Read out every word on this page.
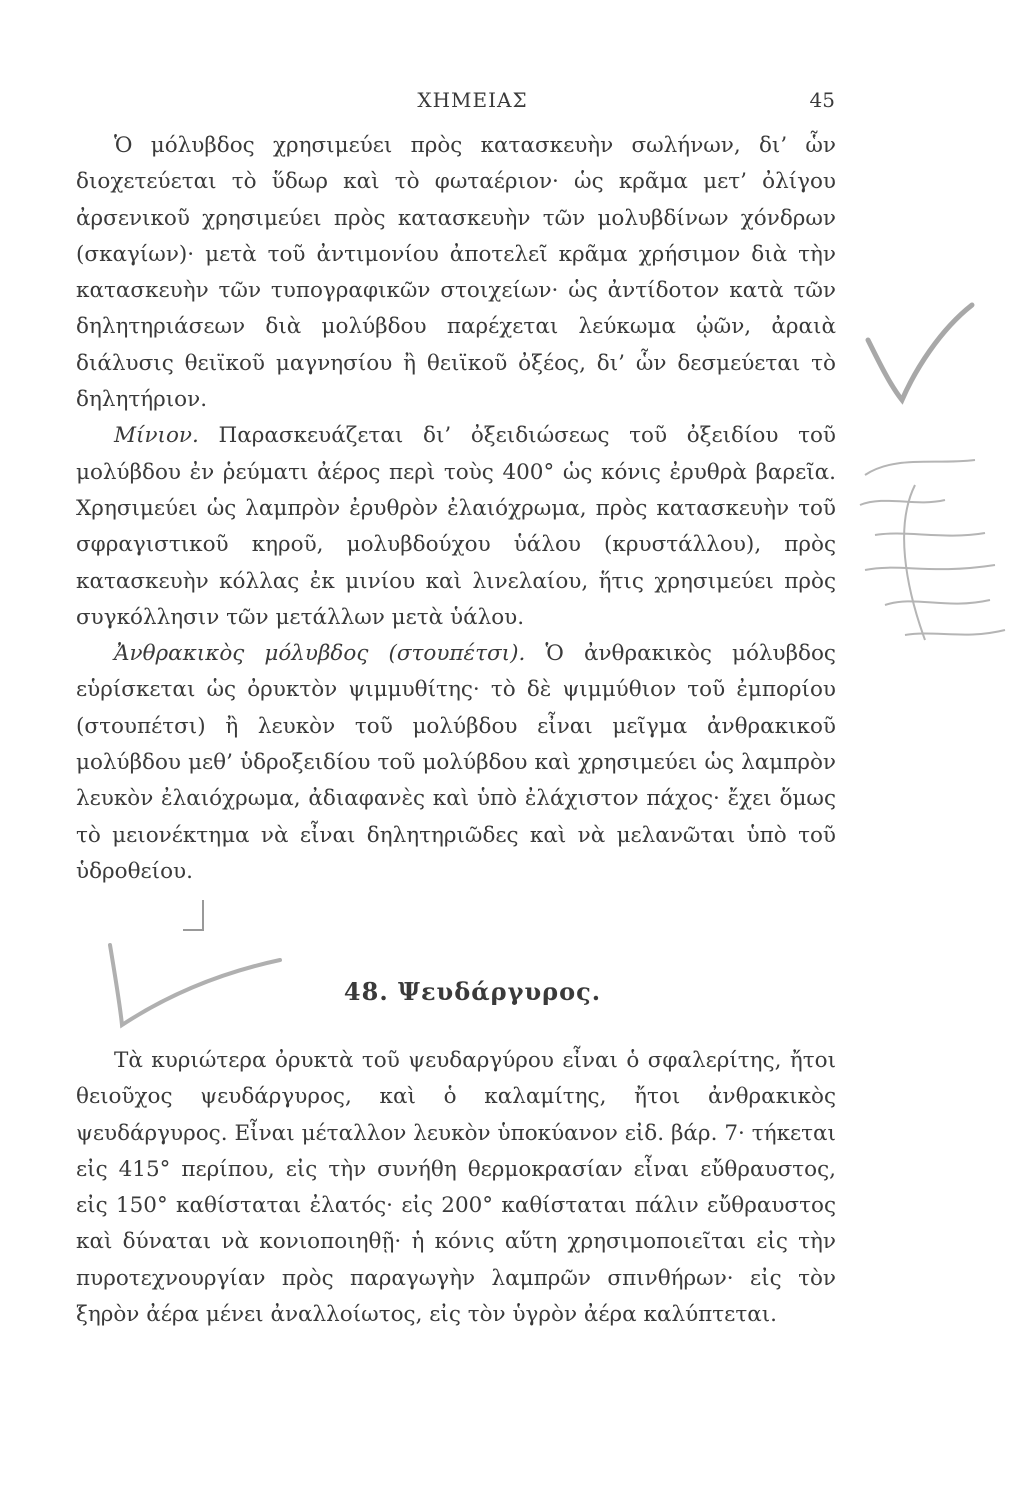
ΧΗΜΕΙΑΣ	45

Ὁ μόλυβδος χρησιμεύει πρὸς κατασκευὴν σωλήνων, δι’ ὧν διοχετεύεται τὸ ὕδωρ καὶ τὸ φωταέριον· ὡς κρᾶμα μετ’ ὀλίγου ἀρσενικοῦ χρησιμεύει πρὸς κατασκευὴν τῶν μολυβδίνων χόνδρων (σκαγίων)· μετὰ τοῦ ἀντιμονίου ἀποτελεῖ κρᾶμα χρήσιμον διὰ τὴν κατασκευὴν τῶν τυπογραφικῶν στοιχείων· ὡς ἀντίδοτον κατὰ τῶν δηλητηριάσεων διὰ μολύβδου παρέχεται λεύκωμα ᾠῶν, ἀραιὰ διάλυσις θειϊκοῦ μαγνησίου ἢ θειϊκοῦ ὀξέος, δι’ ὧν δεσμεύεται τὸ δηλητήριον.

Μίνιον. Παρασκευάζεται δι’ ὀξειδιώσεως τοῦ ὀξειδίου τοῦ μολύβδου ἐν ῥεύματι ἀέρος περὶ τοὺς 400° ὡς κόνις ἐρυθρὰ βαρεῖα. Χρησιμεύει ὡς λαμπρὸν ἐρυθρὸν ἐλαιόχρωμα, πρὸς κατασκευὴν τοῦ σφραγιστικοῦ κηροῦ, μολυβδούχου ὑάλου (κρυστάλλου), πρὸς κατασκευὴν κόλλας ἐκ μινίου καὶ λινελαίου, ἥτις χρησιμεύει πρὸς συγκόλλησιν τῶν μετάλλων μετὰ ὑάλου.

Ἀνθρακικὸς μόλυβδος (στουπέτσι). Ὁ ἀνθρακικὸς μόλυβδος εὑρίσκεται ὡς ὀρυκτὸν ψιμμυθίτης· τὸ δὲ ψιμμύθιον τοῦ ἐμπορίου (στουπέτσι) ἢ λευκὸν τοῦ μολύβδου εἶναι μεῖγμα ἀνθρακικοῦ μολύβδου μεθ’ ὑδροξειδίου τοῦ μολύβδου καὶ χρησιμεύει ὡς λαμπρὸν λευκὸν ἐλαιόχρωμα, ἀδιαφανὲς καὶ ὑπὸ ἐλάχιστον πάχος· ἔχει ὅμως τὸ μειονέκτημα νὰ εἶναι δηλητηριῶδες καὶ νὰ μελανῶται ὑπὸ τοῦ ὑδροθείου.

48. Ψευδάργυρος.

Τὰ κυριώτερα ὀρυκτὰ τοῦ ψευδαργύρου εἶναι ὁ σφαλερίτης, ἤτοι θειοῦχος ψευδάργυρος, καὶ ὁ καλαμίτης, ἤτοι ἀνθρακικὸς ψευδάργυρος. Εἶναι μέταλλον λευκὸν ὑποκύανον εἰδ. βάρ. 7· τήκεται εἰς 415° περίπου, εἰς τὴν συνήθη θερμοκρασίαν εἶναι εὔθραυστος, εἰς 150° καθίσταται ἐλατός· εἰς 200° καθίσταται πάλιν εὔθραυστος καὶ δύναται νὰ κονιοποιηθῇ· ἡ κόνις αὕτη χρησιμοποιεῖται εἰς τὴν πυροτεχνουργίαν πρὸς παραγωγὴν λαμπρῶν σπινθήρων· εἰς τὸν ξηρὸν ἀέρα μένει ἀναλλοίωτος, εἰς τὸν ὑγρὸν ἀέρα καλύπτεται.
